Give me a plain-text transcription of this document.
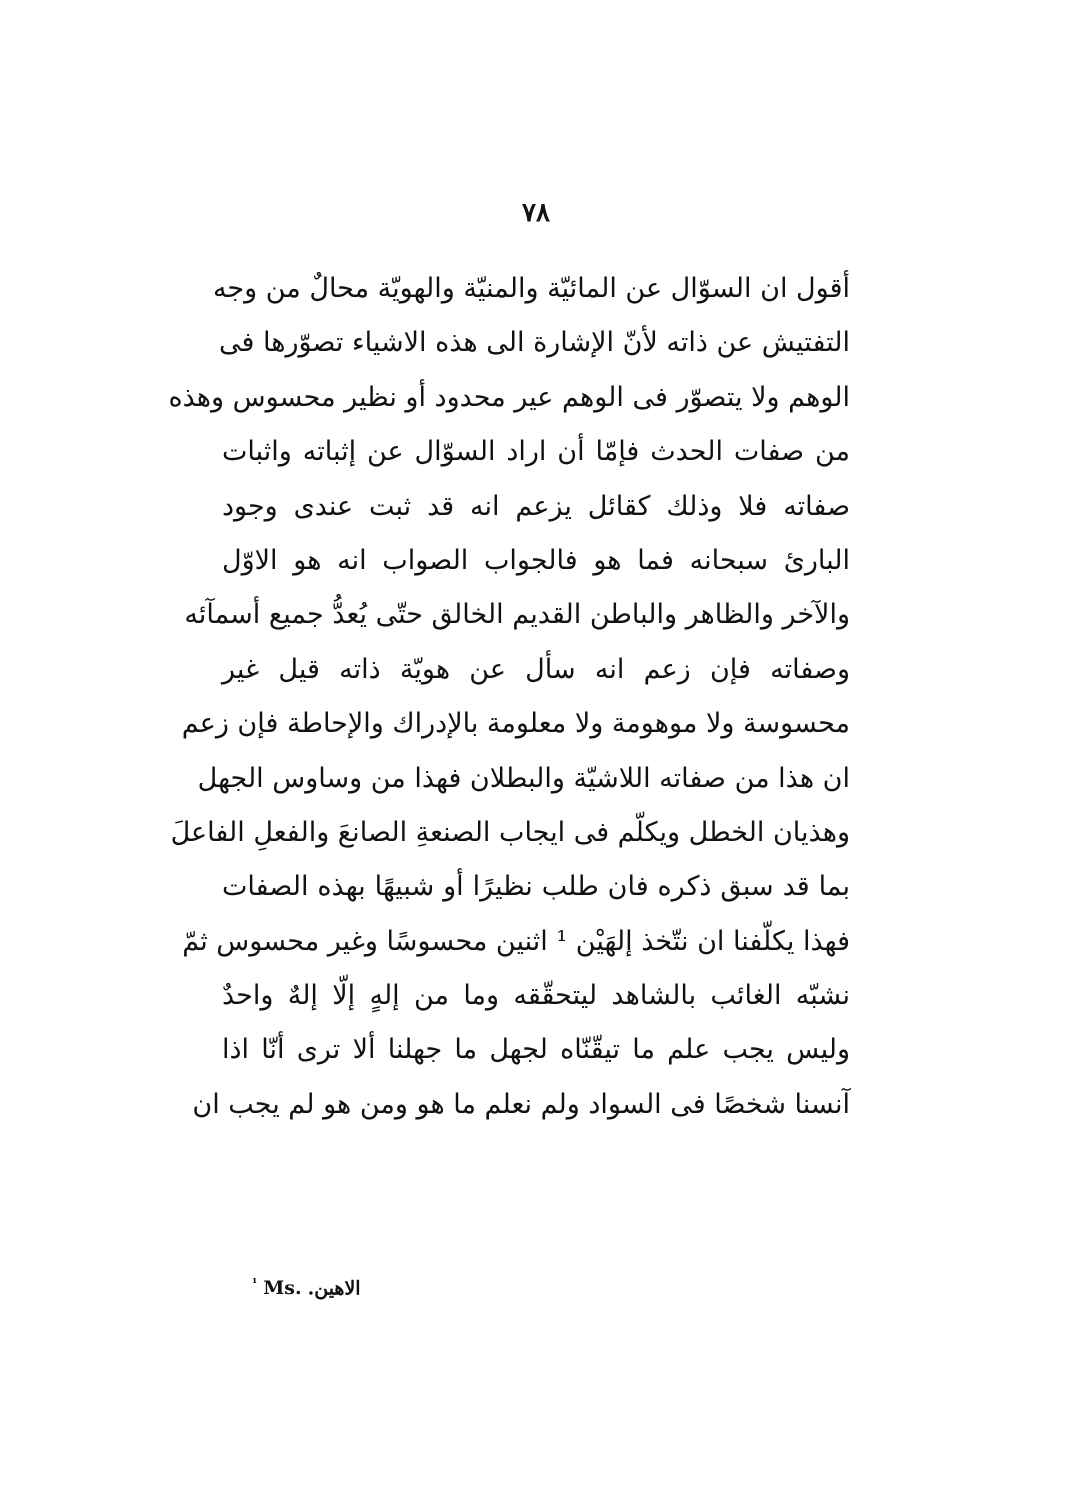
٧٨
أقول ان السوّال عن المائيّة والمنيّة والهويّة محالٌ من وجه
التفتيش عن ذاته لأنّ الإشارة الى هذه الاشياء تصوّرها فى
الوهم ولا يتصوّر فى الوهم عير محدود أو نظير محسوس وهذه
من صفات الحدث فإمّا أن اراد السوّال عن إثباته واثبات
صفاته فلا وذلك كقائل يزعم انه قد ثبت عندى وجود
البارئ سبحانه فما هو فالجواب الصواب انه هو الاوّل
والآخر والظاهر والباطن القديم الخالق حتّى يُعدُّ جميع أسمآئه
وصفاته فإن زعم انه سأل عن هويّة ذاته قيل غير
محسوسة ولا موهومة ولا معلومة بالإدراك والإحاطة فإن زعم
ان هذا من صفاته اللاشيّة والبطلان فهذا من وساوس الجهل
وهذيان الخطل ويكلّم فى ايجاب الصنعةِ الصانعَ والفعلِ الفاعلَ
بما قد سبق ذكره فان طلب نظيرًا أو شبيهًا بهذه الصفات
فهذا يكلّفنا ان نتّخذ إلهَيْن ¹ اثنين محسوسًا وغير محسوس ثمّ
نشبّه الغائب بالشاهد ليتحقّقه وما من إلهٍ إلّا إلهٌ واحدٌ
وليس يجب علم ما تيقّنّاه لجهل ما جهلنا ألا ترى أنّا اذا
آنسنا شخصًا فى السواد ولم نعلم ما هو ومن هو لم يجب ان
$^{^1}$ Ms. الاهين.
